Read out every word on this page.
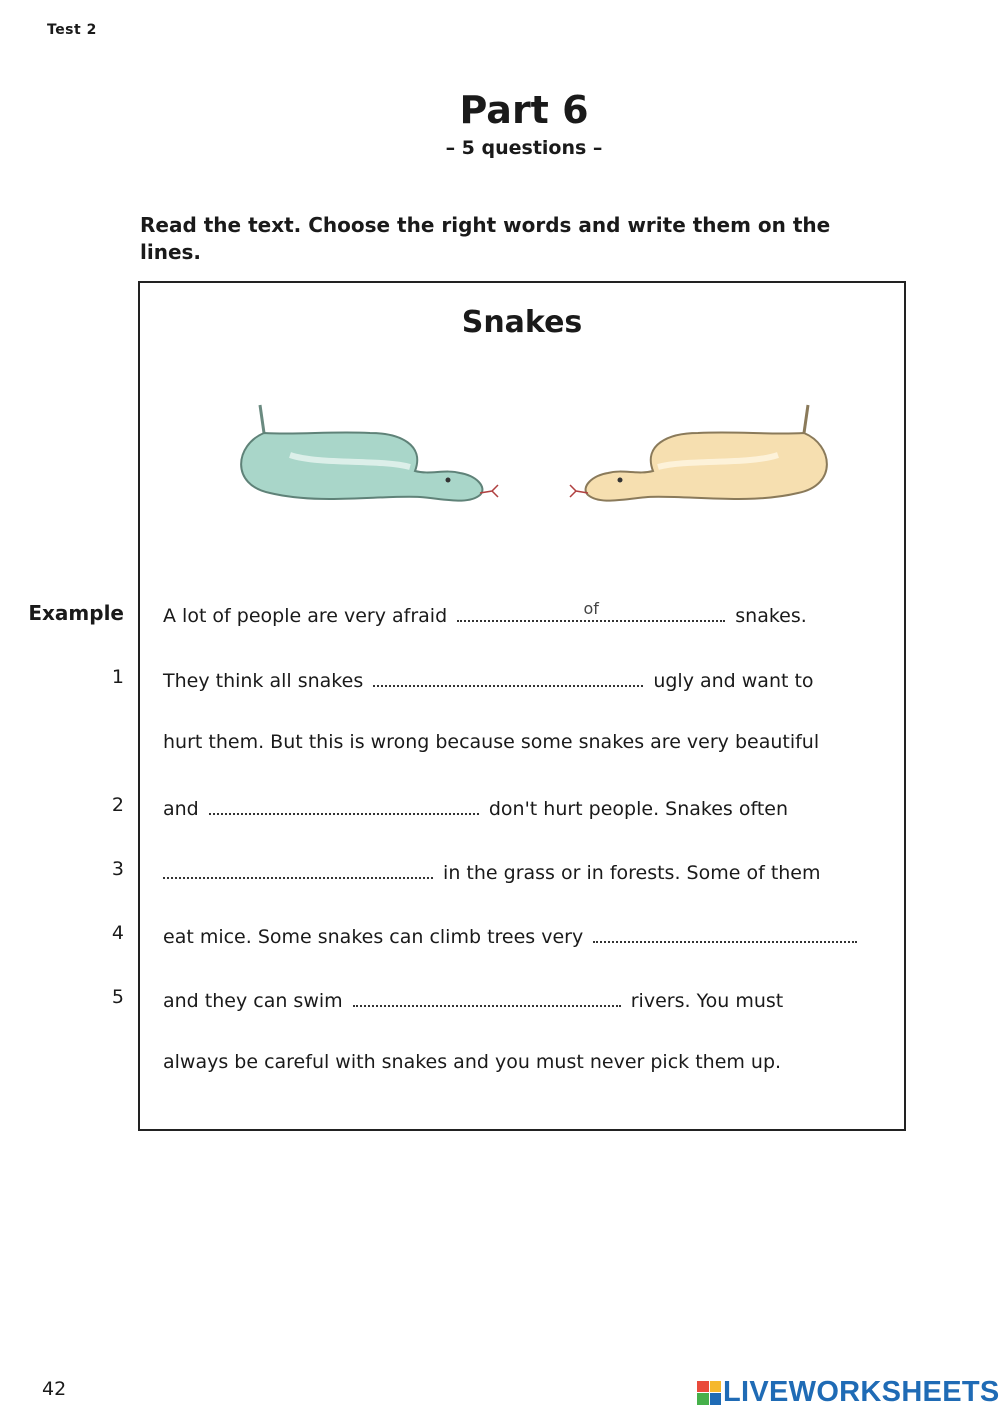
Test 2
Part 6
– 5 questions –
Read the text. Choose the right words and write them on the lines.
Snakes
Example
1
2
3
4
5
A lot of people are very afraid	of	snakes.
They think all snakes	ugly and want to
hurt them. But this is wrong because some snakes are very beautiful
and	don't hurt people. Snakes often
in the grass or in forests. Some of them
eat mice. Some snakes can climb trees very
and they can swim	rivers. You must
always be careful with snakes and you must never pick them up.
42	LIVEWORKSHEETS
